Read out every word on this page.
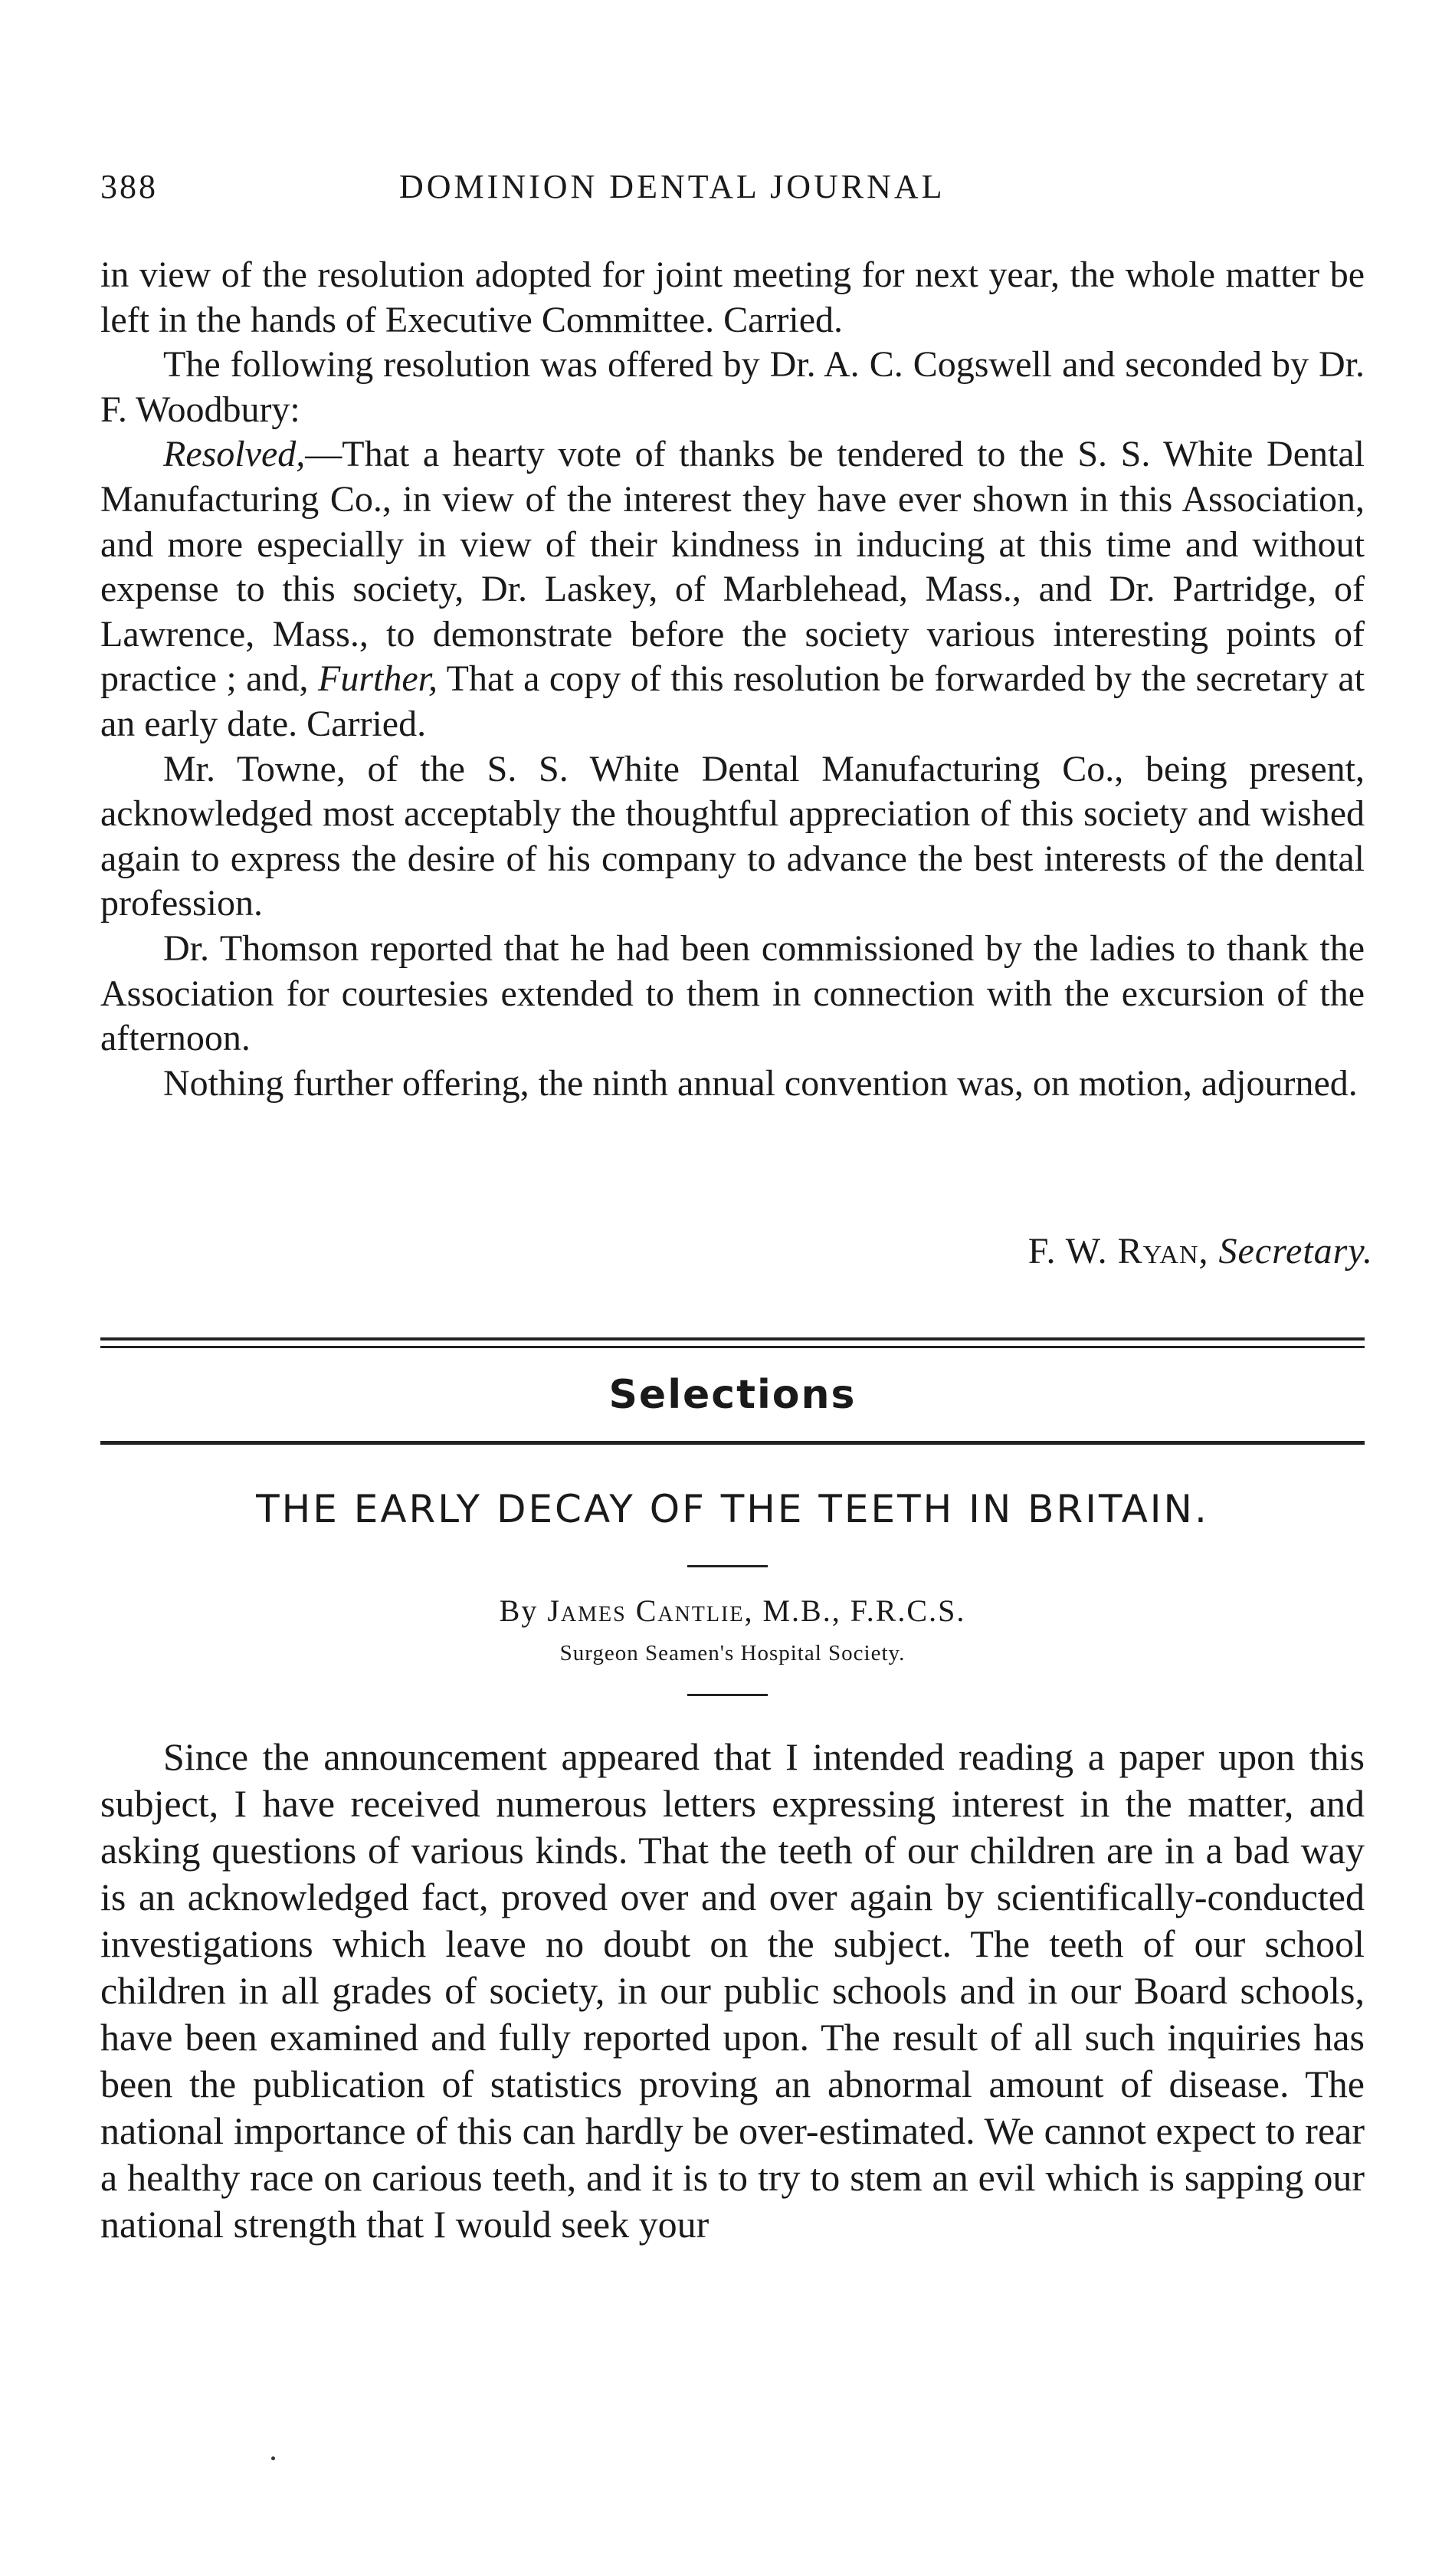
388	DOMINION DENTAL JOURNAL

in view of the resolution adopted for joint meeting for next year, the whole matter be left in the hands of Executive Committee. Carried.

The following resolution was offered by Dr. A. C. Cogswell and seconded by Dr. F. Woodbury:

Resolved,—That a hearty vote of thanks be tendered to the S. S. White Dental Manufacturing Co., in view of the interest they have ever shown in this Association, and more especially in view of their kindness in inducing at this time and without expense to this society, Dr. Laskey, of Marblehead, Mass., and Dr. Partridge, of Lawrence, Mass., to demonstrate before the society various interesting points of practice ; and, Further, That a copy of this resolution be forwarded by the secretary at an early date. Carried.

Mr. Towne, of the S. S. White Dental Manufacturing Co., being present, acknowledged most acceptably the thoughtful appreciation of this society and wished again to express the desire of his company to advance the best interests of the dental profession.

Dr. Thomson reported that he had been commissioned by the ladies to thank the Association for courtesies extended to them in connection with the excursion of the afternoon.

Nothing further offering, the ninth annual convention was, on motion, adjourned.

F. W. Ryan, Secretary.
Selections
THE EARLY DECAY OF THE TEETH IN BRITAIN.
By James Cantlie, M.B., F.R.C.S.
Surgeon Seamen's Hospital Society.

Since the announcement appeared that I intended reading a paper upon this subject, I have received numerous letters expressing interest in the matter, and asking questions of various kinds. That the teeth of our children are in a bad way is an acknowledged fact, proved over and over again by scientifically-conducted investigations which leave no doubt on the subject. The teeth of our school children in all grades of society, in our public schools and in our Board schools, have been examined and fully reported upon. The result of all such inquiries has been the publication of statistics proving an abnormal amount of disease. The national importance of this can hardly be over-estimated. We cannot expect to rear a healthy race on carious teeth, and it is to try to stem an evil which is sapping our national strength that I would seek your
